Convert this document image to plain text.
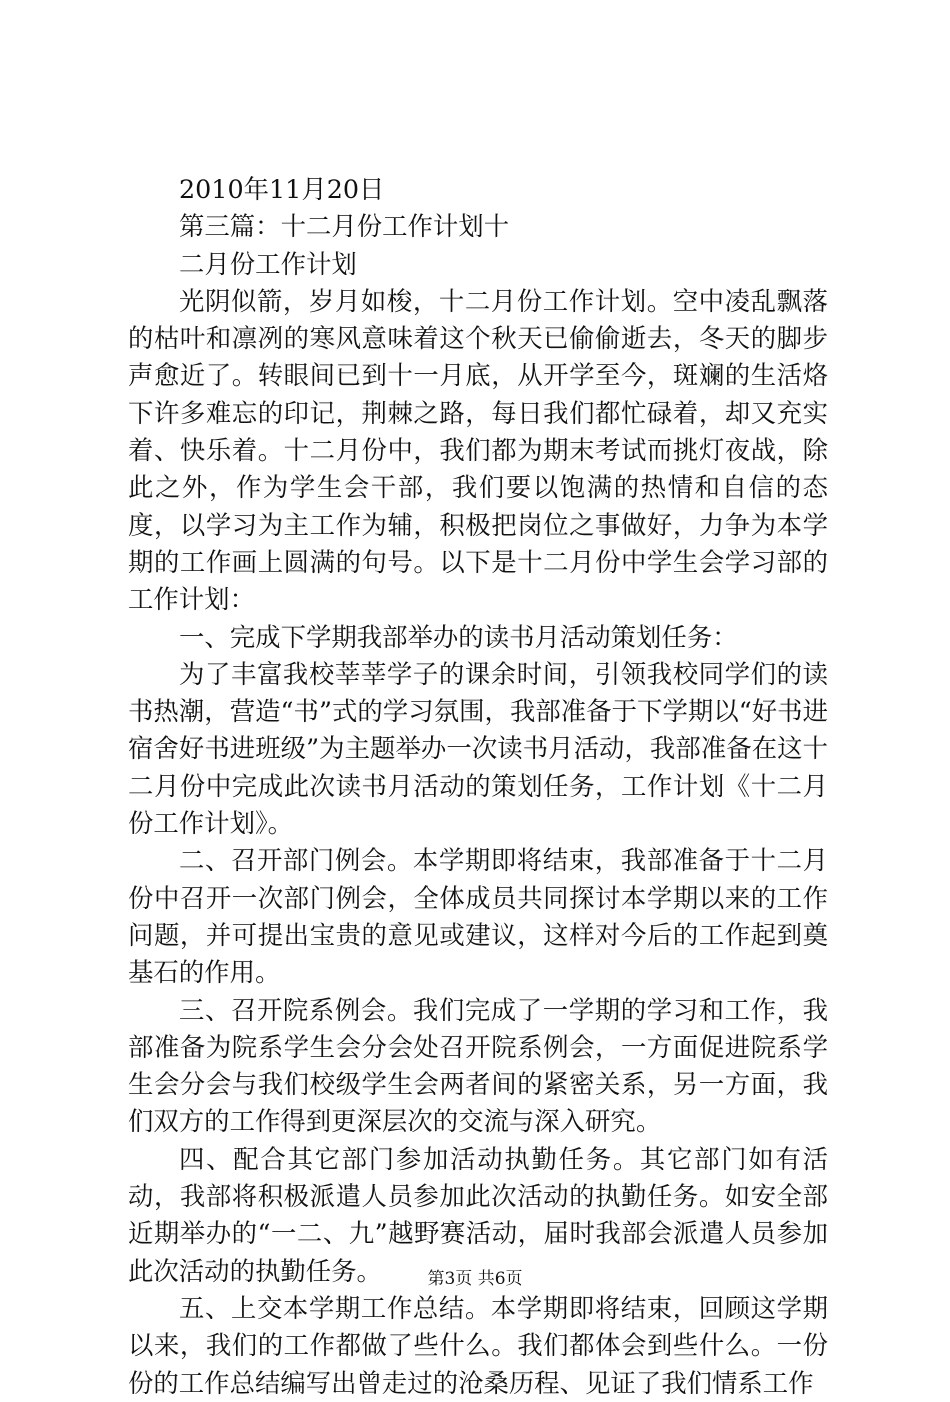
2010年11月20日
第三篇：十二月份工作计划十
二月份工作计划

光阴似箭，岁月如梭，十二月份工作计划。空中凌乱飘落的枯叶和凛冽的寒风意味着这个秋天已偷偷逝去，冬天的脚步声愈近了。转眼间已到十一月底，从开学至今，斑斓的生活烙下许多难忘的印记，荆棘之路，每日我们都忙碌着，却又充实着、快乐着。十二月份中，我们都为期末考试而挑灯夜战，除此之外，作为学生会干部，我们要以饱满的热情和自信的态度，以学习为主工作为辅，积极把岗位之事做好，力争为本学期的工作画上圆满的句号。以下是十二月份中学生会学习部的工作计划：

一、完成下学期我部举办的读书月活动策划任务：

为了丰富我校莘莘学子的课余时间，引领我校同学们的读书热潮，营造“书”式的学习氛围，我部准备于下学期以“好书进宿舍好书进班级”为主题举办一次读书月活动，我部准备在这十二月份中完成此次读书月活动的策划任务，工作计划《十二月份工作计划》。

二、召开部门例会。本学期即将结束，我部准备于十二月份中召开一次部门例会，全体成员共同探讨本学期以来的工作问题，并可提出宝贵的意见或建议，这样对今后的工作起到奠基石的作用。

三、召开院系例会。我们完成了一学期的学习和工作，我部准备为院系学生会分会处召开院系例会，一方面促进院系学生会分会与我们校级学生会两者间的紧密关系，另一方面，我们双方的工作得到更深层次的交流与深入研究。

四、配合其它部门参加活动执勤任务。其它部门如有活动，我部将积极派遣人员参加此次活动的执勤任务。如安全部近期举办的“一二、九”越野赛活动，届时我部会派遣人员参加此次活动的执勤任务。

五、上交本学期工作总结。本学期即将结束，回顾这学期以来，我们的工作都做了些什么。我们都体会到些什么。一份份的工作总结编写出曾走过的沧桑历程、见证了我们情系工作

第3页 共6页
